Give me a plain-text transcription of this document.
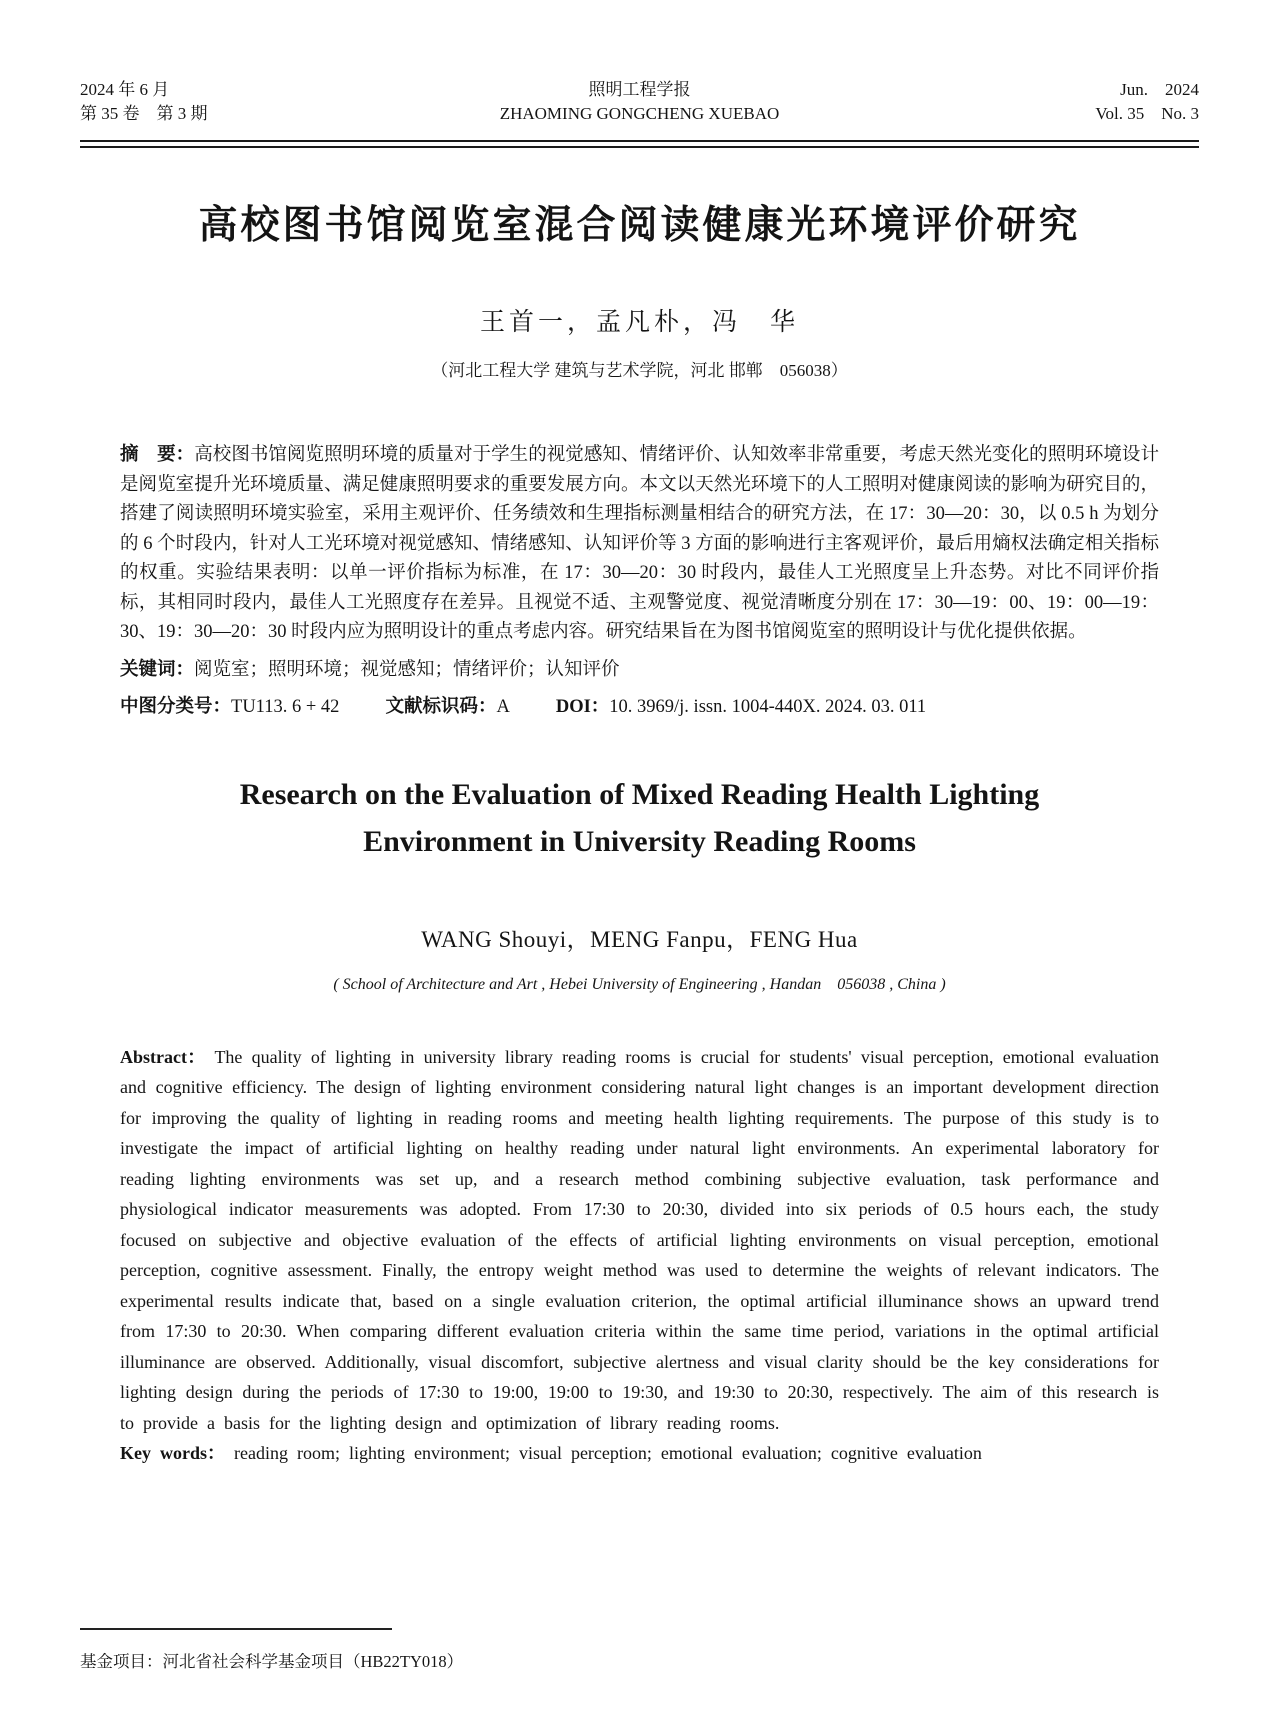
2024 年 6 月
第 35 卷　第 3 期
照明工程学报
ZHAOMING GONGCHENG XUEBAO
Jun.    2024
Vol. 35　No. 3
高校图书馆阅览室混合阅读健康光环境评价研究
王首一，孟凡朴，冯　华
（河北工程大学 建筑与艺术学院，河北 邯郸　056038）

摘　要：高校图书馆阅览照明环境的质量对于学生的视觉感知、情绪评价、认知效率非常重要，考虑天然光变化的照明环境设计是阅览室提升光环境质量、满足健康照明要求的重要发展方向。本文以天然光环境下的人工照明对健康阅读的影响为研究目的，搭建了阅读照明环境实验室，采用主观评价、任务绩效和生理指标测量相结合的研究方法，在 17：30—20：30，以 0.5 h 为划分的 6 个时段内，针对人工光环境对视觉感知、情绪感知、认知评价等 3 方面的影响进行主客观评价，最后用熵权法确定相关指标的权重。实验结果表明：以单一评价指标为标准，在 17：30—20：30 时段内，最佳人工光照度呈上升态势。对比不同评价指标，其相同时段内，最佳人工光照度存在差异。且视觉不适、主观警觉度、视觉清晰度分别在 17：30—19：00、19：00—19：30、19：30—20：30 时段内应为照明设计的重点考虑内容。研究结果旨在为图书馆阅览室的照明设计与优化提供依据。

关键词：阅览室；照明环境；视觉感知；情绪评价；认知评价

中图分类号：TU113. 6 + 42 文献标识码：A DOI：10. 3969/j. issn. 1004-440X. 2024. 03. 011

Research on the Evaluation of Mixed Reading Health Lighting Environment in University Reading Rooms
WANG Shouyi，MENG Fanpu，FENG Hua
( School of Architecture and Art , Hebei University of Engineering , Handan　056038 , China )

Abstract： The quality of lighting in university library reading rooms is crucial for students' visual perception, emotional evaluation and cognitive efficiency. The design of lighting environment considering natural light changes is an important development direction for improving the quality of lighting in reading rooms and meeting health lighting requirements. The purpose of this study is to investigate the impact of artificial lighting on healthy reading under natural light environments. An experimental laboratory for reading lighting environments was set up, and a research method combining subjective evaluation, task performance and physiological indicator measurements was adopted. From 17:30 to 20:30, divided into six periods of 0.5 hours each, the study focused on subjective and objective evaluation of the effects of artificial lighting environments on visual perception, emotional perception, cognitive assessment. Finally, the entropy weight method was used to determine the weights of relevant indicators. The experimental results indicate that, based on a single evaluation criterion, the optimal artificial illuminance shows an upward trend from 17:30 to 20:30. When comparing different evaluation criteria within the same time period, variations in the optimal artificial illuminance are observed. Additionally, visual discomfort, subjective alertness and visual clarity should be the key considerations for lighting design during the periods of 17:30 to 19:00, 19:00 to 19:30, and 19:30 to 20:30, respectively. The aim of this research is to provide a basis for the lighting design and optimization of library reading rooms.

Key words： reading room; lighting environment; visual perception; emotional evaluation; cognitive evaluation

基金项目：河北省社会科学基金项目（HB22TY018）
